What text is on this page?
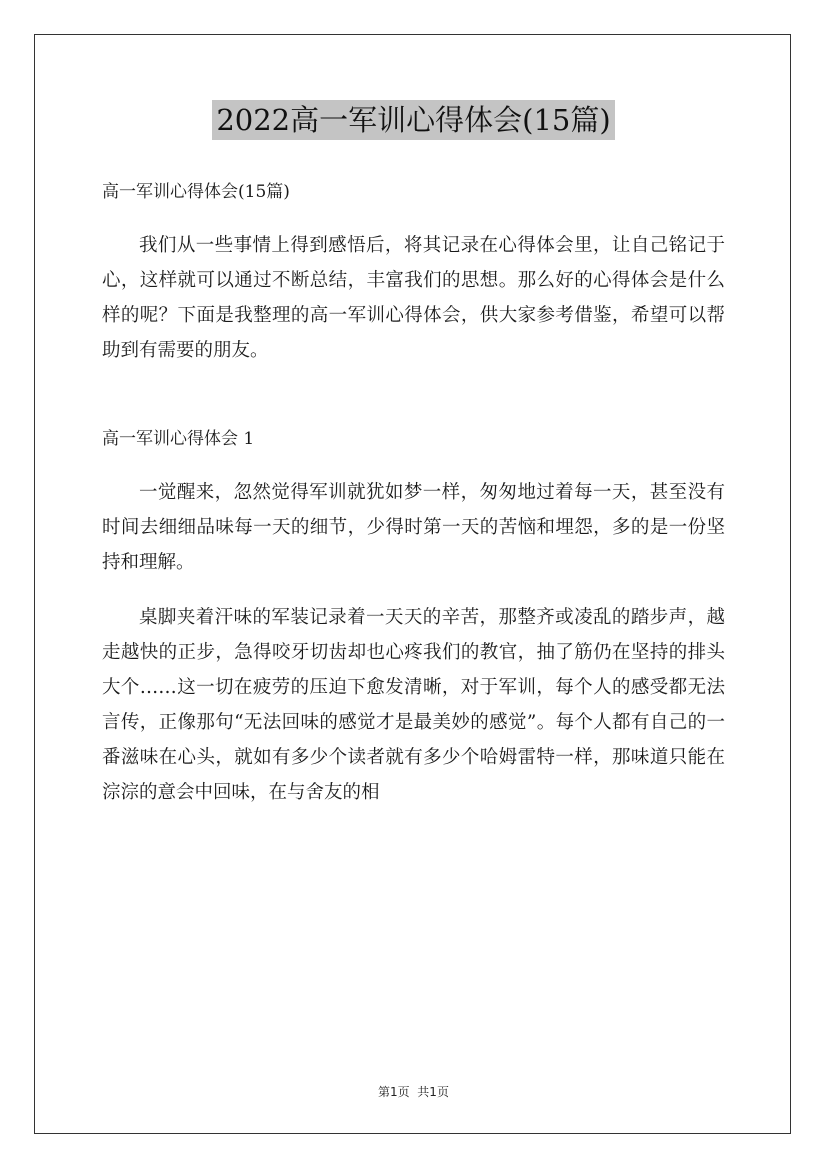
2022高一军训心得体会(15篇)
高一军训心得体会(15篇)

我们从一些事情上得到感悟后，将其记录在心得体会里，让自己铭记于心，这样就可以通过不断总结，丰富我们的思想。那么好的心得体会是什么样的呢？下面是我整理的高一军训心得体会，供大家参考借鉴，希望可以帮助到有需要的朋友。

高一军训心得体会 1

一觉醒来，忽然觉得军训就犹如梦一样，匆匆地过着每一天，甚至没有时间去细细品味每一天的细节，少得时第一天的苦恼和埋怨，多的是一份坚持和理解。

桌脚夹着汗味的军装记录着一天天的辛苦，那整齐或凌乱的踏步声，越走越快的正步，急得咬牙切齿却也心疼我们的教官，抽了筋仍在坚持的排头大个……这一切在疲劳的压迫下愈发清晰，对于军训，每个人的感受都无法言传，正像那句“无法回味的感觉才是最美妙的感觉”。每个人都有自己的一番滋味在心头，就如有多少个读者就有多少个哈姆雷特一样，那味道只能在淙淙的意会中回味，在与舍友的相

第1页  共1页
